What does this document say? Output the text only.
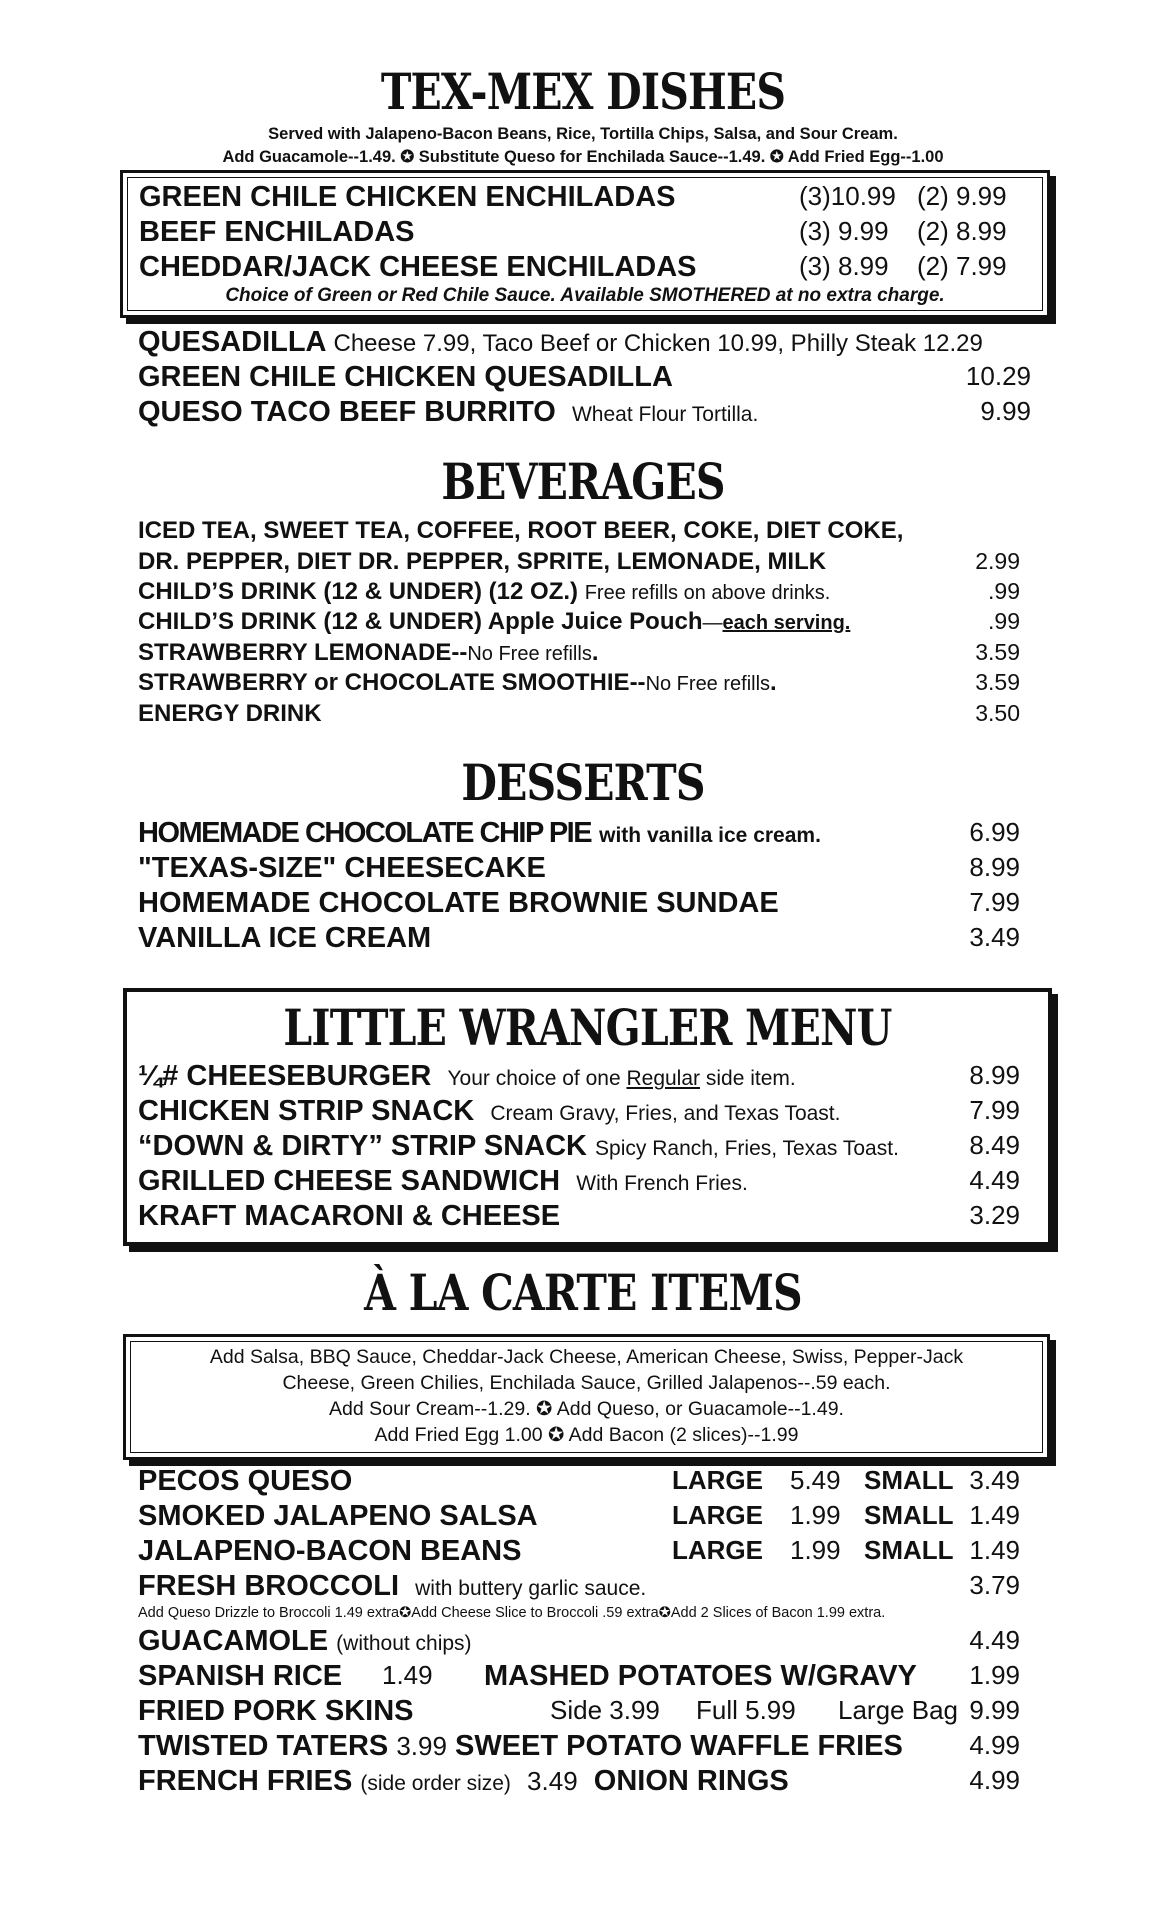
TEX-MEX DISHES
Served with Jalapeno-Bacon Beans, Rice, Tortilla Chips, Salsa, and Sour Cream.
Add Guacamole--1.49. ✪ Substitute Queso for Enchilada Sauce--1.49. ✪ Add Fried Egg--1.00
GREEN CHILE CHICKEN ENCHILADAS	(3)10.99 (2) 9.99
BEEF ENCHILADAS	(3) 9.99 (2) 8.99
CHEDDAR/JACK CHEESE ENCHILADAS	(3) 8.99 (2) 7.99
Choice of Green or Red Chile Sauce. Available SMOTHERED at no extra charge.
QUESADILLA Cheese 7.99, Taco Beef or Chicken 10.99, Philly Steak 12.29
GREEN CHILE CHICKEN QUESADILLA	10.29
QUESO TACO BEEF BURRITO Wheat Flour Tortilla.	9.99
BEVERAGES
ICED TEA, SWEET TEA, COFFEE, ROOT BEER, COKE, DIET COKE,
DR. PEPPER, DIET DR. PEPPER, SPRITE, LEMONADE, MILK	2.99
CHILD’S DRINK (12 & UNDER) (12 OZ.) Free refills on above drinks.	.99
CHILD’S DRINK (12 & UNDER) Apple Juice Pouch—each serving.	.99
STRAWBERRY LEMONADE--No Free refills.	3.59
STRAWBERRY or CHOCOLATE SMOOTHIE--No Free refills.	3.59
ENERGY DRINK	3.50
DESSERTS
HOMEMADE CHOCOLATE CHIP PIE with vanilla ice cream.	6.99
"TEXAS-SIZE" CHEESECAKE	8.99
HOMEMADE CHOCOLATE BROWNIE SUNDAE	7.99
VANILLA ICE CREAM	3.49
LITTLE WRANGLER MENU
¼# CHEESEBURGER Your choice of one Regular side item.	8.99
CHICKEN STRIP SNACK Cream Gravy, Fries, and Texas Toast.	7.99
“DOWN & DIRTY” STRIP SNACK Spicy Ranch, Fries, Texas Toast.	8.49
GRILLED CHEESE SANDWICH With French Fries.	4.49
KRAFT MACARONI & CHEESE	3.29
À LA CARTE ITEMS
Add Salsa, BBQ Sauce, Cheddar-Jack Cheese, American Cheese, Swiss, Pepper-Jack
Cheese, Green Chilies, Enchilada Sauce, Grilled Jalapenos--.59 each.
Add Sour Cream--1.29. ✪ Add Queso, or Guacamole--1.49.
Add Fried Egg 1.00 ✪ Add Bacon (2 slices)--1.99
PECOS QUESO	LARGE 5.49 SMALL 3.49
SMOKED JALAPENO SALSA	LARGE 1.99 SMALL 1.49
JALAPENO-BACON BEANS	LARGE 1.99 SMALL 1.49
FRESH BROCCOLI with buttery garlic sauce.	3.79
Add Queso Drizzle to Broccoli 1.49 extra✪Add Cheese Slice to Broccoli .59 extra✪Add 2 Slices of Bacon 1.99 extra.
GUACAMOLE (without chips)	4.49
SPANISH RICE 1.49 MASHED POTATOES W/GRAVY 1.99
FRIED PORK SKINS	Side 3.99 Full 5.99 Large Bag 9.99
TWISTED TATERS 3.99 SWEET POTATO WAFFLE FRIES	4.99
FRENCH FRIES (side order size) 3.49 ONION RINGS	4.99
